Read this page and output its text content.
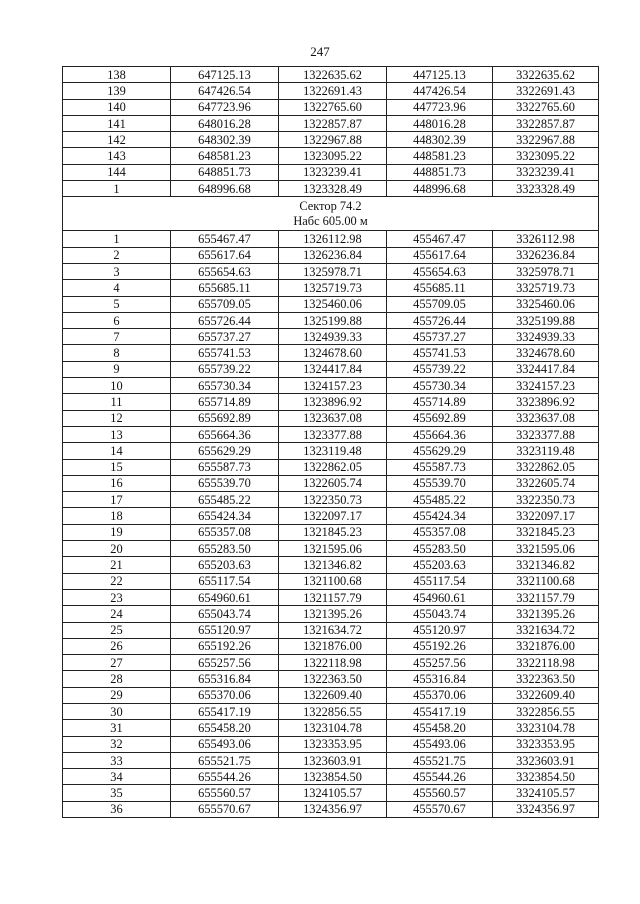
247
138	647125.13	1322635.62	447125.13	3322635.62
139	647426.54	1322691.43	447426.54	3322691.43
140	647723.96	1322765.60	447723.96	3322765.60
141	648016.28	1322857.87	448016.28	3322857.87
142	648302.39	1322967.88	448302.39	3322967.88
143	648581.23	1323095.22	448581.23	3323095.22
144	648851.73	1323239.41	448851.73	3323239.41
1	648996.68	1323328.49	448996.68	3323328.49

Сектор 74.2
Набс 605.00 м				

1	655467.47	1326112.98	455467.47	3326112.98
2	655617.64	1326236.84	455617.64	3326236.84
3	655654.63	1325978.71	455654.63	3325978.71
4	655685.11	1325719.73	455685.11	3325719.73
5	655709.05	1325460.06	455709.05	3325460.06
6	655726.44	1325199.88	455726.44	3325199.88
7	655737.27	1324939.33	455737.27	3324939.33
8	655741.53	1324678.60	455741.53	3324678.60
9	655739.22	1324417.84	455739.22	3324417.84
10	655730.34	1324157.23	455730.34	3324157.23
11	655714.89	1323896.92	455714.89	3323896.92
12	655692.89	1323637.08	455692.89	3323637.08
13	655664.36	1323377.88	455664.36	3323377.88
14	655629.29	1323119.48	455629.29	3323119.48
15	655587.73	1322862.05	455587.73	3322862.05
16	655539.70	1322605.74	455539.70	3322605.74
17	655485.22	1322350.73	455485.22	3322350.73
18	655424.34	1322097.17	455424.34	3322097.17
19	655357.08	1321845.23	455357.08	3321845.23
20	655283.50	1321595.06	455283.50	3321595.06
21	655203.63	1321346.82	455203.63	3321346.82
22	655117.54	1321100.68	455117.54	3321100.68
23	654960.61	1321157.79	454960.61	3321157.79
24	655043.74	1321395.26	455043.74	3321395.26
25	655120.97	1321634.72	455120.97	3321634.72
26	655192.26	1321876.00	455192.26	3321876.00
27	655257.56	1322118.98	455257.56	3322118.98
28	655316.84	1322363.50	455316.84	3322363.50
29	655370.06	1322609.40	455370.06	3322609.40
30	655417.19	1322856.55	455417.19	3322856.55
31	655458.20	1323104.78	455458.20	3323104.78
32	655493.06	1323353.95	455493.06	3323353.95
33	655521.75	1323603.91	455521.75	3323603.91
34	655544.26	1323854.50	455544.26	3323854.50
35	655560.57	1324105.57	455560.57	3324105.57
36	655570.67	1324356.97	455570.67	3324356.97
